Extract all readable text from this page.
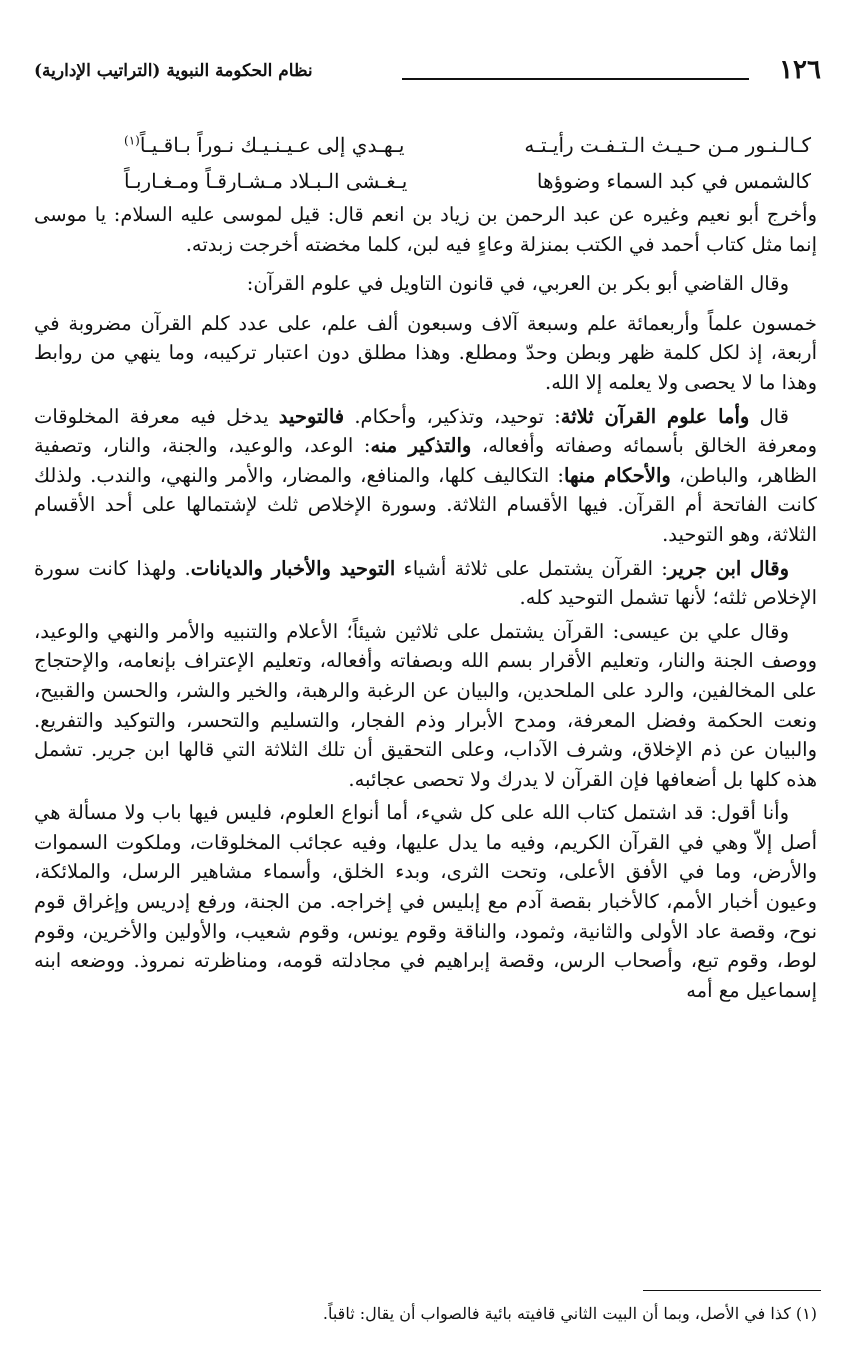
١٢٦
نظام الحكومة النبوية (التراتيب الإدارية)
كـالـنـور مـن حـيـث الـتـفـت رأيـتـه
يـهـدي إلى عـيـنـيـك نـوراً بـاقـيـاً$^{(١)}$
كالشمس في كبد السماء وضوؤها
يـغـشى الـبـلاد مـشـارقـاً ومـغـاربـاً

وأخرج أبو نعيم وغيره عن عبد الرحمن بن زياد بن انعم قال: قيل لموسى عليه السلام: يا موسى إنما مثل كتاب أحمد في الكتب بمنزلة وعاءٍ فيه لبن، كلما مخضته أخرجت زبدته.

وقال القاضي أبو بكر بن العربي، في قانون التاويل في علوم القرآن:

خمسون علماً وأربعمائة علم وسبعة آلاف وسبعون ألف علم، على عدد كلم القرآن مضروبة في أربعة، إذ لكل كلمة ظهر وبطن وحدّ ومطلع. وهذا مطلق دون اعتبار تركيبه، وما ينهي من روابط وهذا ما لا يحصى ولا يعلمه إلا الله.

قال وأما علوم القرآن ثلاثة: توحيد، وتذكير، وأحكام. فالتوحيد يدخل فيه معرفة المخلوقات ومعرفة الخالق بأسمائه وصفاته وأفعاله، والتذكير منه: الوعد، والوعيد، والجنة، والنار، وتصفية الظاهر، والباطن، والأحكام منها: التكاليف كلها، والمنافع، والمضار، والأمر والنهي، والندب. ولذلك كانت الفاتحة أم القرآن. فيها الأقسام الثلاثة. وسورة الإخلاص ثلث لإشتمالها على أحد الأقسام الثلاثة، وهو التوحيد.

وقال ابن جرير: القرآن يشتمل على ثلاثة أشياء التوحيد والأخبار والديانات. ولهذا كانت سورة الإخلاص ثلثه؛ لأنها تشمل التوحيد كله.

وقال علي بن عيسى: القرآن يشتمل على ثلاثين شيئاً؛ الأعلام والتنبيه والأمر والنهي والوعيد، ووصف الجنة والنار، وتعليم الأقرار بسم الله وبصفاته وأفعاله، وتعليم الإعتراف بإنعامه، والإحتجاج على المخالفين، والرد على الملحدين، والبيان عن الرغبة والرهبة، والخير والشر، والحسن والقبيح، ونعت الحكمة وفضل المعرفة، ومدح الأبرار وذم الفجار، والتسليم والتحسر، والتوكيد والتفريع. والبيان عن ذم الإخلاق، وشرف الآداب، وعلى التحقيق أن تلك الثلاثة التي قالها ابن جرير. تشمل هذه كلها بل أضعافها فإن القرآن لا يدرك ولا تحصى عجائبه.

وأنا أقول: قد اشتمل كتاب الله على كل شيء، أما أنواع العلوم، فليس فيها باب ولا مسألة هي أصل إلاّ وهي في القرآن الكريم، وفيه ما يدل عليها، وفيه عجائب المخلوقات، وملكوت السموات والأرض، وما في الأفق الأعلى، وتحت الثرى، وبدء الخلق، وأسماء مشاهير الرسل، والملائكة، وعيون أخبار الأمم، كالأخبار بقصة آدم مع إبليس في إخراجه. من الجنة، ورفع إدريس وإغراق قوم نوح، وقصة عاد الأولى والثانية، وثمود، والناقة وقوم يونس، وقوم شعيب، والأولين والأخرين، وقوم لوط، وقوم تبع، وأصحاب الرس، وقصة إبراهيم في مجادلته قومه، ومناظرته نمروذ. ووضعه ابنه إسماعيل مع أمه

(١) كذا في الأصل، وبما أن البيت الثاني قافيته بائية فالصواب أن يقال: ثاقباً.
